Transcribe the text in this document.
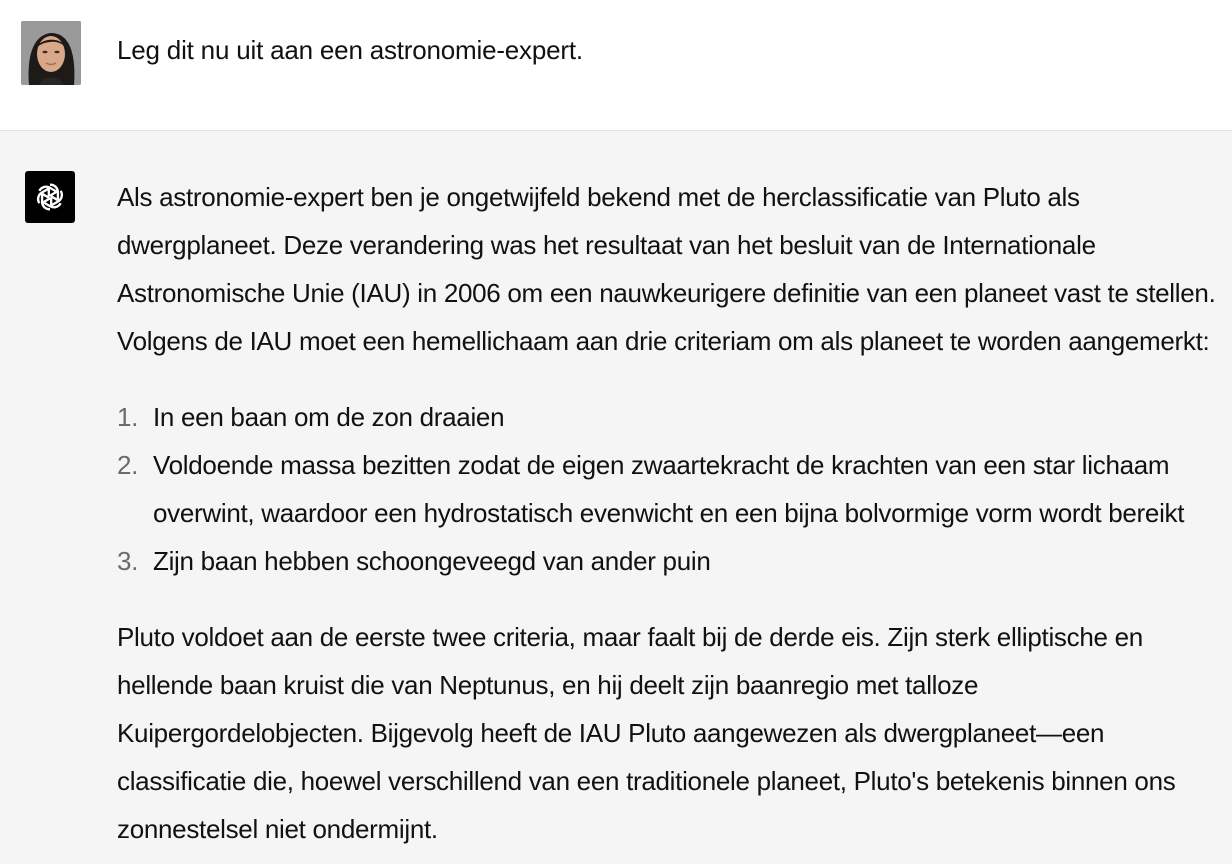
Leg dit nu uit aan een astronomie-expert.
Als astronomie-expert ben je ongetwijfeld bekend met de herclassificatie van Pluto als
dwergplaneet. Deze verandering was het resultaat van het besluit van de Internationale
Astronomische Unie (IAU) in 2006 om een nauwkeurigere definitie van een planeet vast te stellen.
Volgens de IAU moet een hemellichaam aan drie criteriam om als planeet te worden aangemerkt:
1. In een baan om de zon draaien
2. Voldoende massa bezitten zodat de eigen zwaartekracht de krachten van een star lichaam
overwint, waardoor een hydrostatisch evenwicht en een bijna bolvormige vorm wordt bereikt
3. Zijn baan hebben schoongeveegd van ander puin
Pluto voldoet aan de eerste twee criteria, maar faalt bij de derde eis. Zijn sterk elliptische en
hellende baan kruist die van Neptunus, en hij deelt zijn baanregio met talloze
Kuipergordelobjecten. Bijgevolg heeft de IAU Pluto aangewezen als dwergplaneet—een
classificatie die, hoewel verschillend van een traditionele planeet, Pluto's betekenis binnen ons
zonnestelsel niet ondermijnt.
